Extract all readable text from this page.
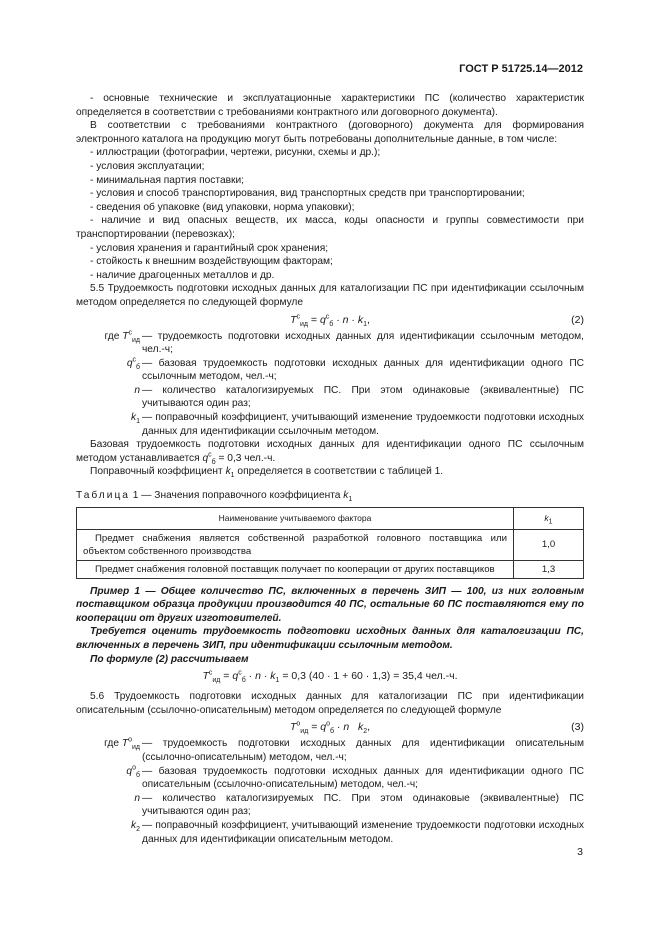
ГОСТ Р 51725.14—2012

- основные технические и эксплуатационные характеристики ПС (количество характеристик определяется в соответствии с требованиями контрактного или договорного документа).

В соответствии с требованиями контрактного (договорного) документа для формирования электронного каталога на продукцию могут быть потребованы дополнительные данные, в том числе:

- иллюстрации (фотографии, чертежи, рисунки, схемы и др.);

- условия эксплуатации;

- минимальная партия поставки;

- условия и способ транспортирования, вид транспортных средств при транспортировании;

- сведения об упаковке (вид упаковки, норма упаковки);

- наличие и вид опасных веществ, их масса, коды опасности и группы совместимости при транспортировании (перевозках);

- условия хранения и гарантийный срок хранения;

- стойкость к внешним воздействующим факторам;

- наличие драгоценных металлов и др.

5.5 Трудоемкость подготовки исходных данных для каталогизации ПС при идентификации ссылочным методом определяется по следующей формуле

$T^с_{ид} = q^с_б \cdot n \cdot k_1$,	(2)
где $T^с_{ид}$ — трудоемкость подготовки исходных данных для идентификации ссылочным методом, чел.-ч;
$q^с_б$ — базовая трудоемкость подготовки исходных данных для идентификации одного ПС ссылочным методом, чел.-ч;
n — количество каталогизируемых ПС. При этом одинаковые (эквивалентные) ПС учитываются один раз;
$k_1$ — поправочный коэффициент, учитывающий изменение трудоемкости подготовки исходных данных для идентификации ссылочным методом.

Базовая трудоемкость подготовки исходных данных для идентификации одного ПС ссылочным методом устанавливается $q^с_б = 0,3$ чел.-ч.

Поправочный коэффициент $k_1$ определяется в соответствии с таблицей 1.

Таблица 1 — Значения поправочного коэффициента $k_1$

Наименование учитываемого фактора	$k_1$
Предмет снабжения является собственной разработкой головного поставщика или объектом собственного производства	1,0
Предмет снабжения головной поставщик получает по кооперации от других поставщиков	1,3

Пример 1 — Общее количество ПС, включенных в перечень ЗИП — 100, из них головным поставщиком образца продукции производится 40 ПС, остальные 60 ПС поставляются ему по кооперации от других изготовителей.

Требуется оценить трудоемкость подготовки исходных данных для каталогизации ПС, включенных в перечень ЗИП, при идентификации ссылочным методом.

По формуле (2) рассчитываем

$T^с_{ид} = q^с_б \cdot n \cdot k_1 = 0,3$ (40 · 1 + 60 · 1,3) = 35,4 чел.-ч.

5.6 Трудоемкость подготовки исходных данных для каталогизации ПС при идентификации описательным (ссылочно-описательным) методом определяется по следующей формуле

$T^о_{ид} = q^о_б \cdot n$ $k_2$,	(3)
где $T^о_{ид}$ — трудоемкость подготовки исходных данных для идентификации описательным (ссылочно-описательным) методом, чел.-ч;
$q^о_б$ — базовая трудоемкость подготовки исходных данных для идентификации одного ПС описательным (ссылочно-описательным) методом, чел.-ч;
n — количество каталогизируемых ПС. При этом одинаковые (эквивалентные) ПС учитываются один раз;
$k_2$ — поправочный коэффициент, учитывающий изменение трудоемкости подготовки исходных данных для идентификации описательным методом.
3
